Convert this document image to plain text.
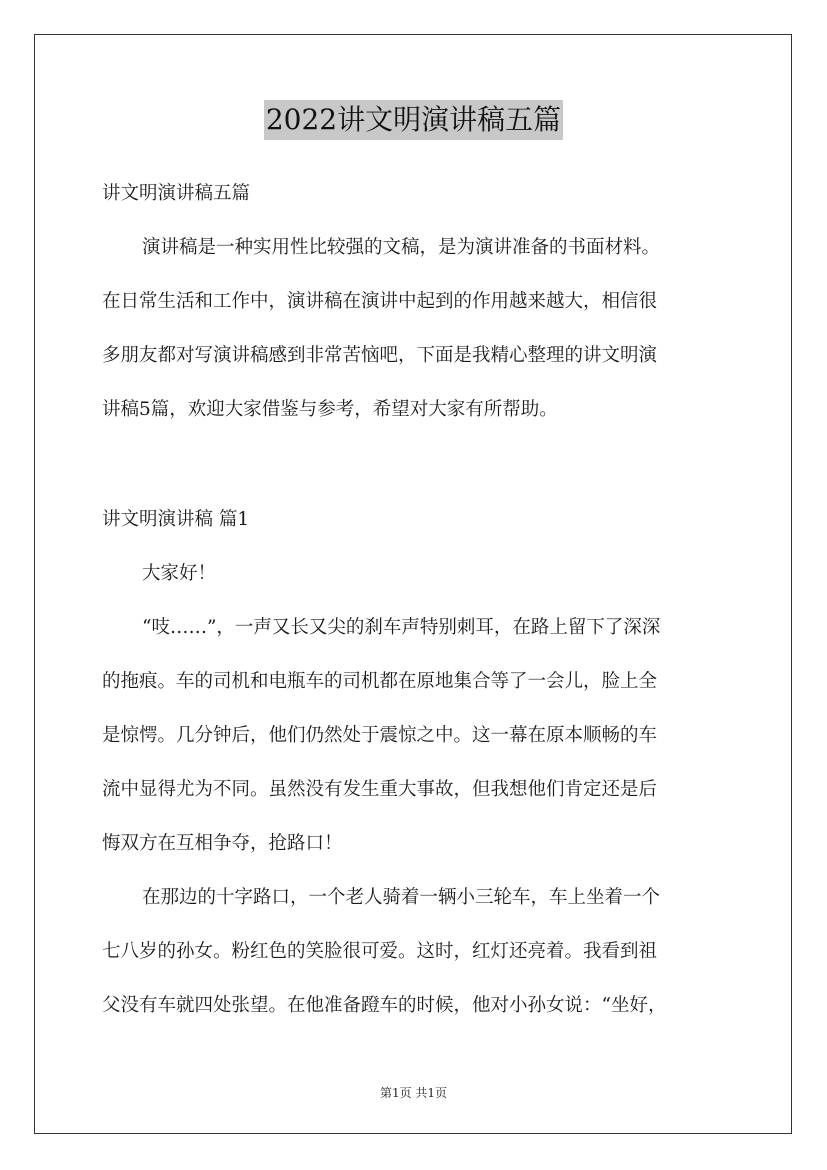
2022讲文明演讲稿五篇
讲文明演讲稿五篇
演讲稿是一种实用性比较强的文稿，是为演讲准备的书面材料。
在日常生活和工作中，演讲稿在演讲中起到的作用越来越大，相信很
多朋友都对写演讲稿感到非常苦恼吧，下面是我精心整理的讲文明演
讲稿5篇，欢迎大家借鉴与参考，希望对大家有所帮助。
讲文明演讲稿 篇1
大家好！
“吱……”，一声又长又尖的刹车声特别刺耳，在路上留下了深深
的拖痕。车的司机和电瓶车的司机都在原地集合等了一会儿，脸上全
是惊愕。几分钟后，他们仍然处于震惊之中。这一幕在原本顺畅的车
流中显得尤为不同。虽然没有发生重大事故，但我想他们肯定还是后
悔双方在互相争夺，抢路口！
在那边的十字路口，一个老人骑着一辆小三轮车，车上坐着一个
七八岁的孙女。粉红色的笑脸很可爱。这时，红灯还亮着。我看到祖
父没有车就四处张望。在他准备蹬车的时候，他对小孙女说：“坐好，
第1页 共1页
